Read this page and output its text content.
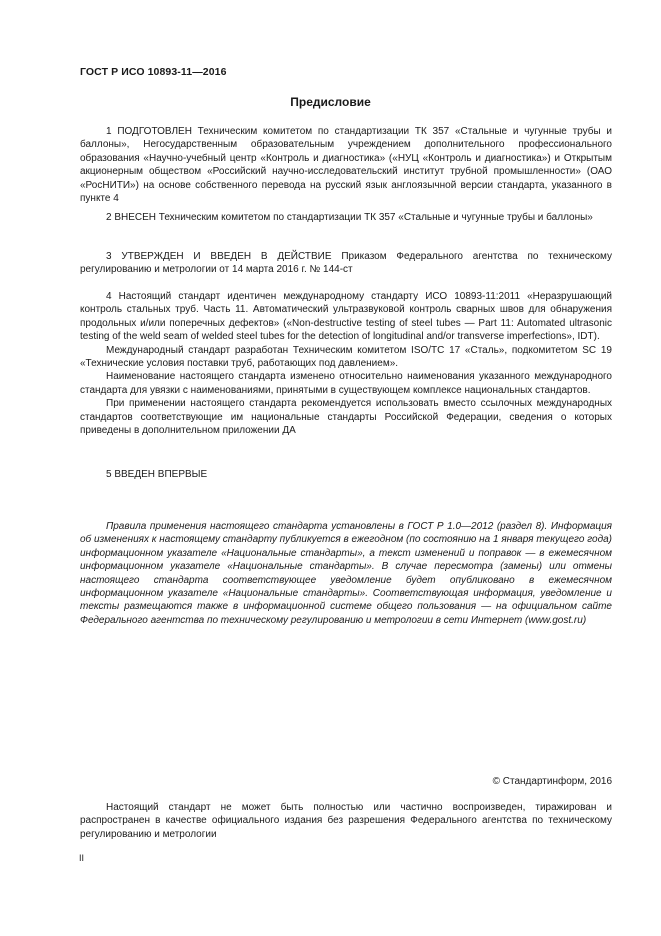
ГОСТ Р ИСО 10893-11—2016
Предисловие

1 ПОДГОТОВЛЕН Техническим комитетом по стандартизации ТК 357 «Стальные и чугунные трубы и баллоны», Негосударственным образовательным учреждением дополнительного профессионального образования «Научно-учебный центр «Контроль и диагностика» («НУЦ «Контроль и диагностика») и Открытым акционерным обществом «Российский научно-исследовательский институт трубной промышленности» (ОАО «РосНИТИ») на основе собственного перевода на русский язык англоязычной версии стандарта, указанного в пункте 4

2 ВНЕСЕН Техническим комитетом по стандартизации ТК 357 «Стальные и чугунные трубы и баллоны»

3 УТВЕРЖДЕН И ВВЕДЕН В ДЕЙСТВИЕ Приказом Федерального агентства по техническому регулированию и метрологии от 14 марта 2016 г. № 144-ст

4 Настоящий стандарт идентичен международному стандарту ИСО 10893-11:2011 «Неразрушающий контроль стальных труб. Часть 11. Автоматический ультразвуковой контроль сварных швов для обнаружения продольных и/или поперечных дефектов» («Non-destructive testing of steel tubes — Part 11: Automated ultrasonic testing of the weld seam of welded steel tubes for the detection of longitudinal and/or transverse imperfections», IDT).

Международный стандарт разработан Техническим комитетом ISO/TC 17 «Сталь», подкомитетом SC 19 «Технические условия поставки труб, работающих под давлением».

Наименование настоящего стандарта изменено относительно наименования указанного международного стандарта для увязки с наименованиями, принятыми в существующем комплексе национальных стандартов.

При применении настоящего стандарта рекомендуется использовать вместо ссылочных международных стандартов соответствующие им национальные стандарты Российской Федерации, сведения о которых приведены в дополнительном приложении ДА

5 ВВЕДЕН ВПЕРВЫЕ

Правила применения настоящего стандарта установлены в ГОСТ Р 1.0—2012 (раздел 8). Информация об изменениях к настоящему стандарту публикуется в ежегодном (по состоянию на 1 января текущего года) информационном указателе «Национальные стандарты», а текст изменений и поправок — в ежемесячном информационном указателе «Национальные стандарты». В случае пересмотра (замены) или отмены настоящего стандарта соответствующее уведомление будет опубликовано в ежемесячном информационном указателе «Национальные стандарты». Соответствующая информация, уведомление и тексты размещаются также в информационной системе общего пользования — на официальном сайте Федерального агентства по техническому регулированию и метрологии в сети Интернет (www.gost.ru)

© Стандартинформ, 2016

Настоящий стандарт не может быть полностью или частично воспроизведен, тиражирован и распространен в качестве официального издания без разрешения Федерального агентства по техническому регулированию и метрологии

II
